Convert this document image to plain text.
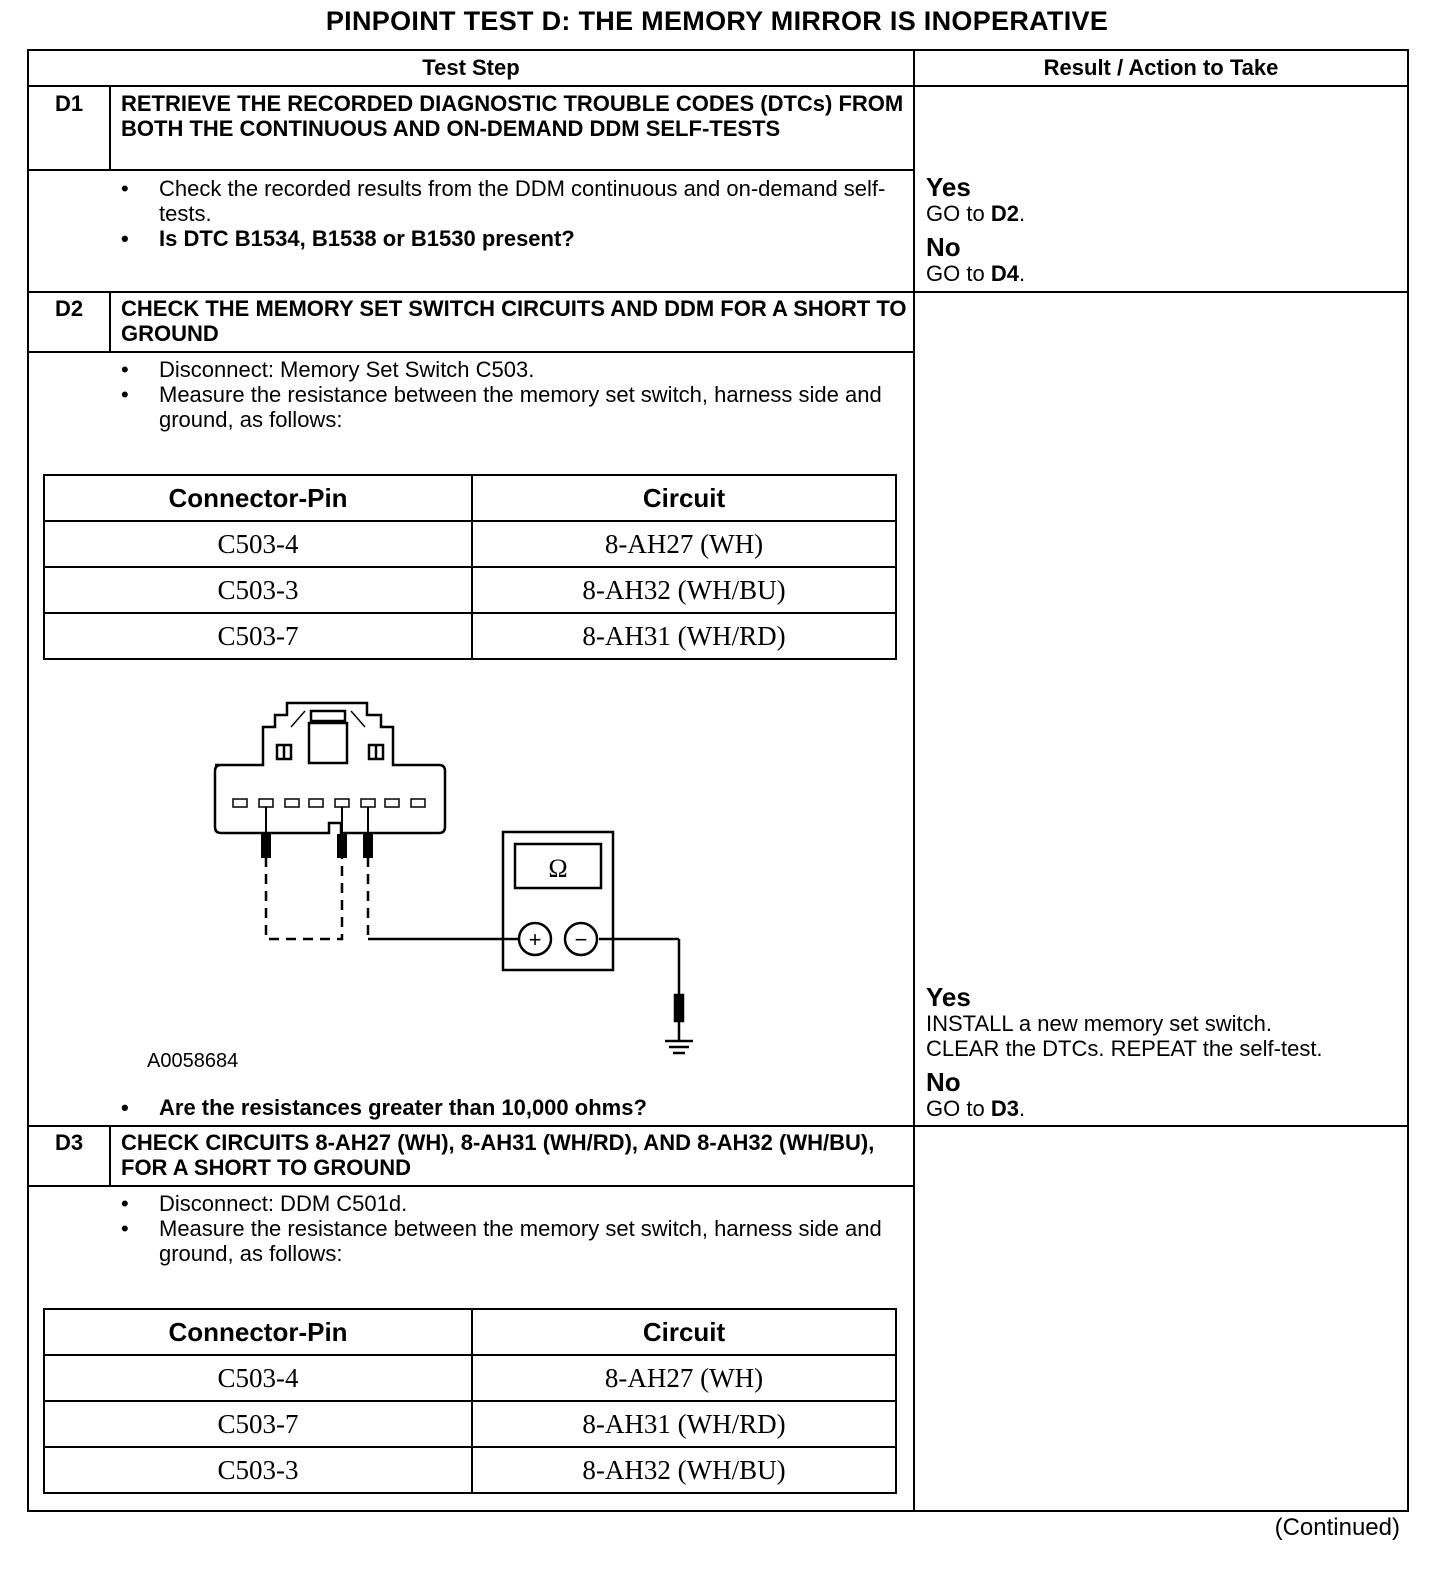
PINPOINT TEST D: THE MEMORY MIRROR IS INOPERATIVE
Test Step	Result / Action to Take
D1	RETRIEVE THE RECORDED DIAGNOSTIC TROUBLE CODES (DTCs) FROM BOTH THE CONTINUOUS AND ON-DEMAND DDM SELF-TESTS
• Check the recorded results from the DDM continuous and on-demand self-tests.
• Is DTC B1534, B1538 or B1530 present?
Yes
GO to D2.
No
GO to D4.
D2	CHECK THE MEMORY SET SWITCH CIRCUITS AND DDM FOR A SHORT TO GROUND
• Disconnect: Memory Set Switch C503.
• Measure the resistance between the memory set switch, harness side and ground, as follows:
Connector-Pin	Circuit
C503-4	8-AH27 (WH)
C503-3	8-AH32 (WH/BU)
C503-7	8-AH31 (WH/RD)
Ω
+ −
A0058684
• Are the resistances greater than 10,000 ohms?
Yes
INSTALL a new memory set switch.
CLEAR the DTCs. REPEAT the self-test.
No
GO to D3.
D3	CHECK CIRCUITS 8-AH27 (WH), 8-AH31 (WH/RD), AND 8-AH32 (WH/BU), FOR A SHORT TO GROUND
• Disconnect: DDM C501d.
• Measure the resistance between the memory set switch, harness side and ground, as follows:
Connector-Pin	Circuit
C503-4	8-AH27 (WH)
C503-7	8-AH31 (WH/RD)
C503-3	8-AH32 (WH/BU)
(Continued)
